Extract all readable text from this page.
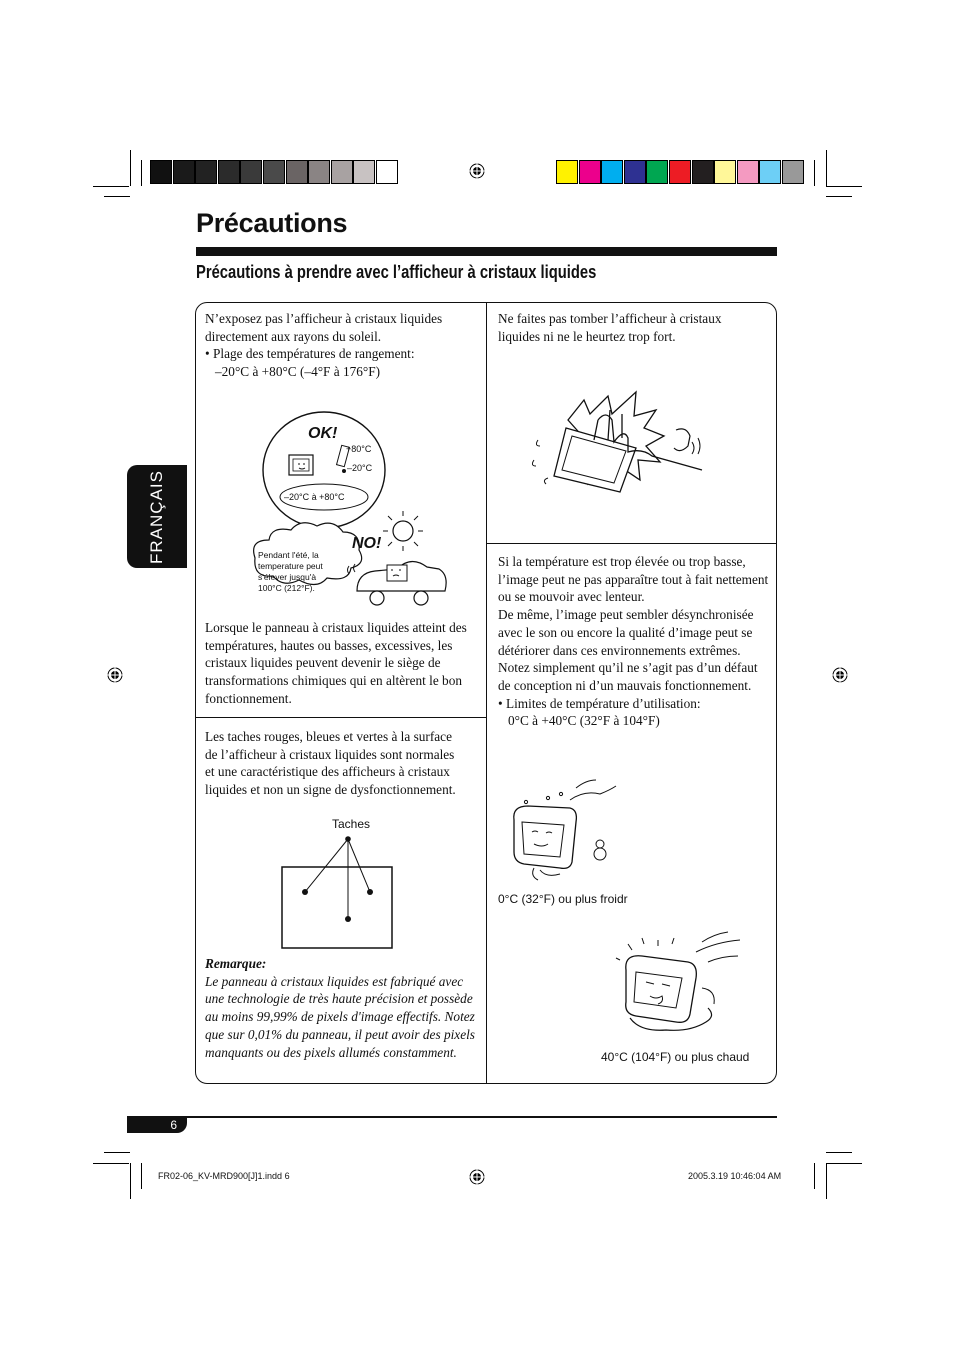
Précautions
Précautions à prendre avec l’afficheur à cristaux liquides
FRANÇAIS

N’exposez pas l’afficheur à cristaux liquides directement aux rayons du soleil.

• Plage des températures de rangement:

–20°C à +80°C (–4°F à 176°F)

OK!
+80°C
–20°C
–20°C à +80°C
NO!
Pendant l'été, la temperature peut s'élever jusqu'à 100°C (212°F).
Lorsque le panneau à cristaux liquides atteint des températures, hautes ou basses, excessives, les cristaux liquides peuvent devenir le siège de transformations chimiques qui en altèrent le bon fonctionnement.
Les taches rouges, bleues et vertes à la surface de l’afficheur à cristaux liquides sont normales et une caractéristique des afficheurs à cristaux liquides et non un signe de dysfonctionnement.
Taches

Remarque:

Le panneau à cristaux liquides est fabriqué avec une technologie de très haute précision et possède au moins 99,99% de pixels d'image effectifs. Notez que sur 0,01% du panneau, il peut avoir des pixels manquants ou des pixels allumés constamment.

Ne faites pas tomber l’afficheur à cristaux liquides ni ne le heurtez trop fort.

Si la température est trop élevée ou trop basse, l’image peut ne pas apparaître tout à fait nettement ou se mouvoir avec lenteur.

De même, l’image peut sembler désynchronisée avec le son ou encore la qualité d’image peut se détériorer dans ces environnements extrêmes. Notez simplement qu’il ne s’agit pas d’un défaut de conception ni d’un mauvais fonctionnement.

• Limites de température d’utilisation:

0°C à +40°C (32°F à 104°F)

0°C (32°F) ou plus froidr
40°C (104°F) ou plus chaud
6
FR02-06_KV-MRD900[J]1.indd 6	2005.3.19 10:46:04 AM
